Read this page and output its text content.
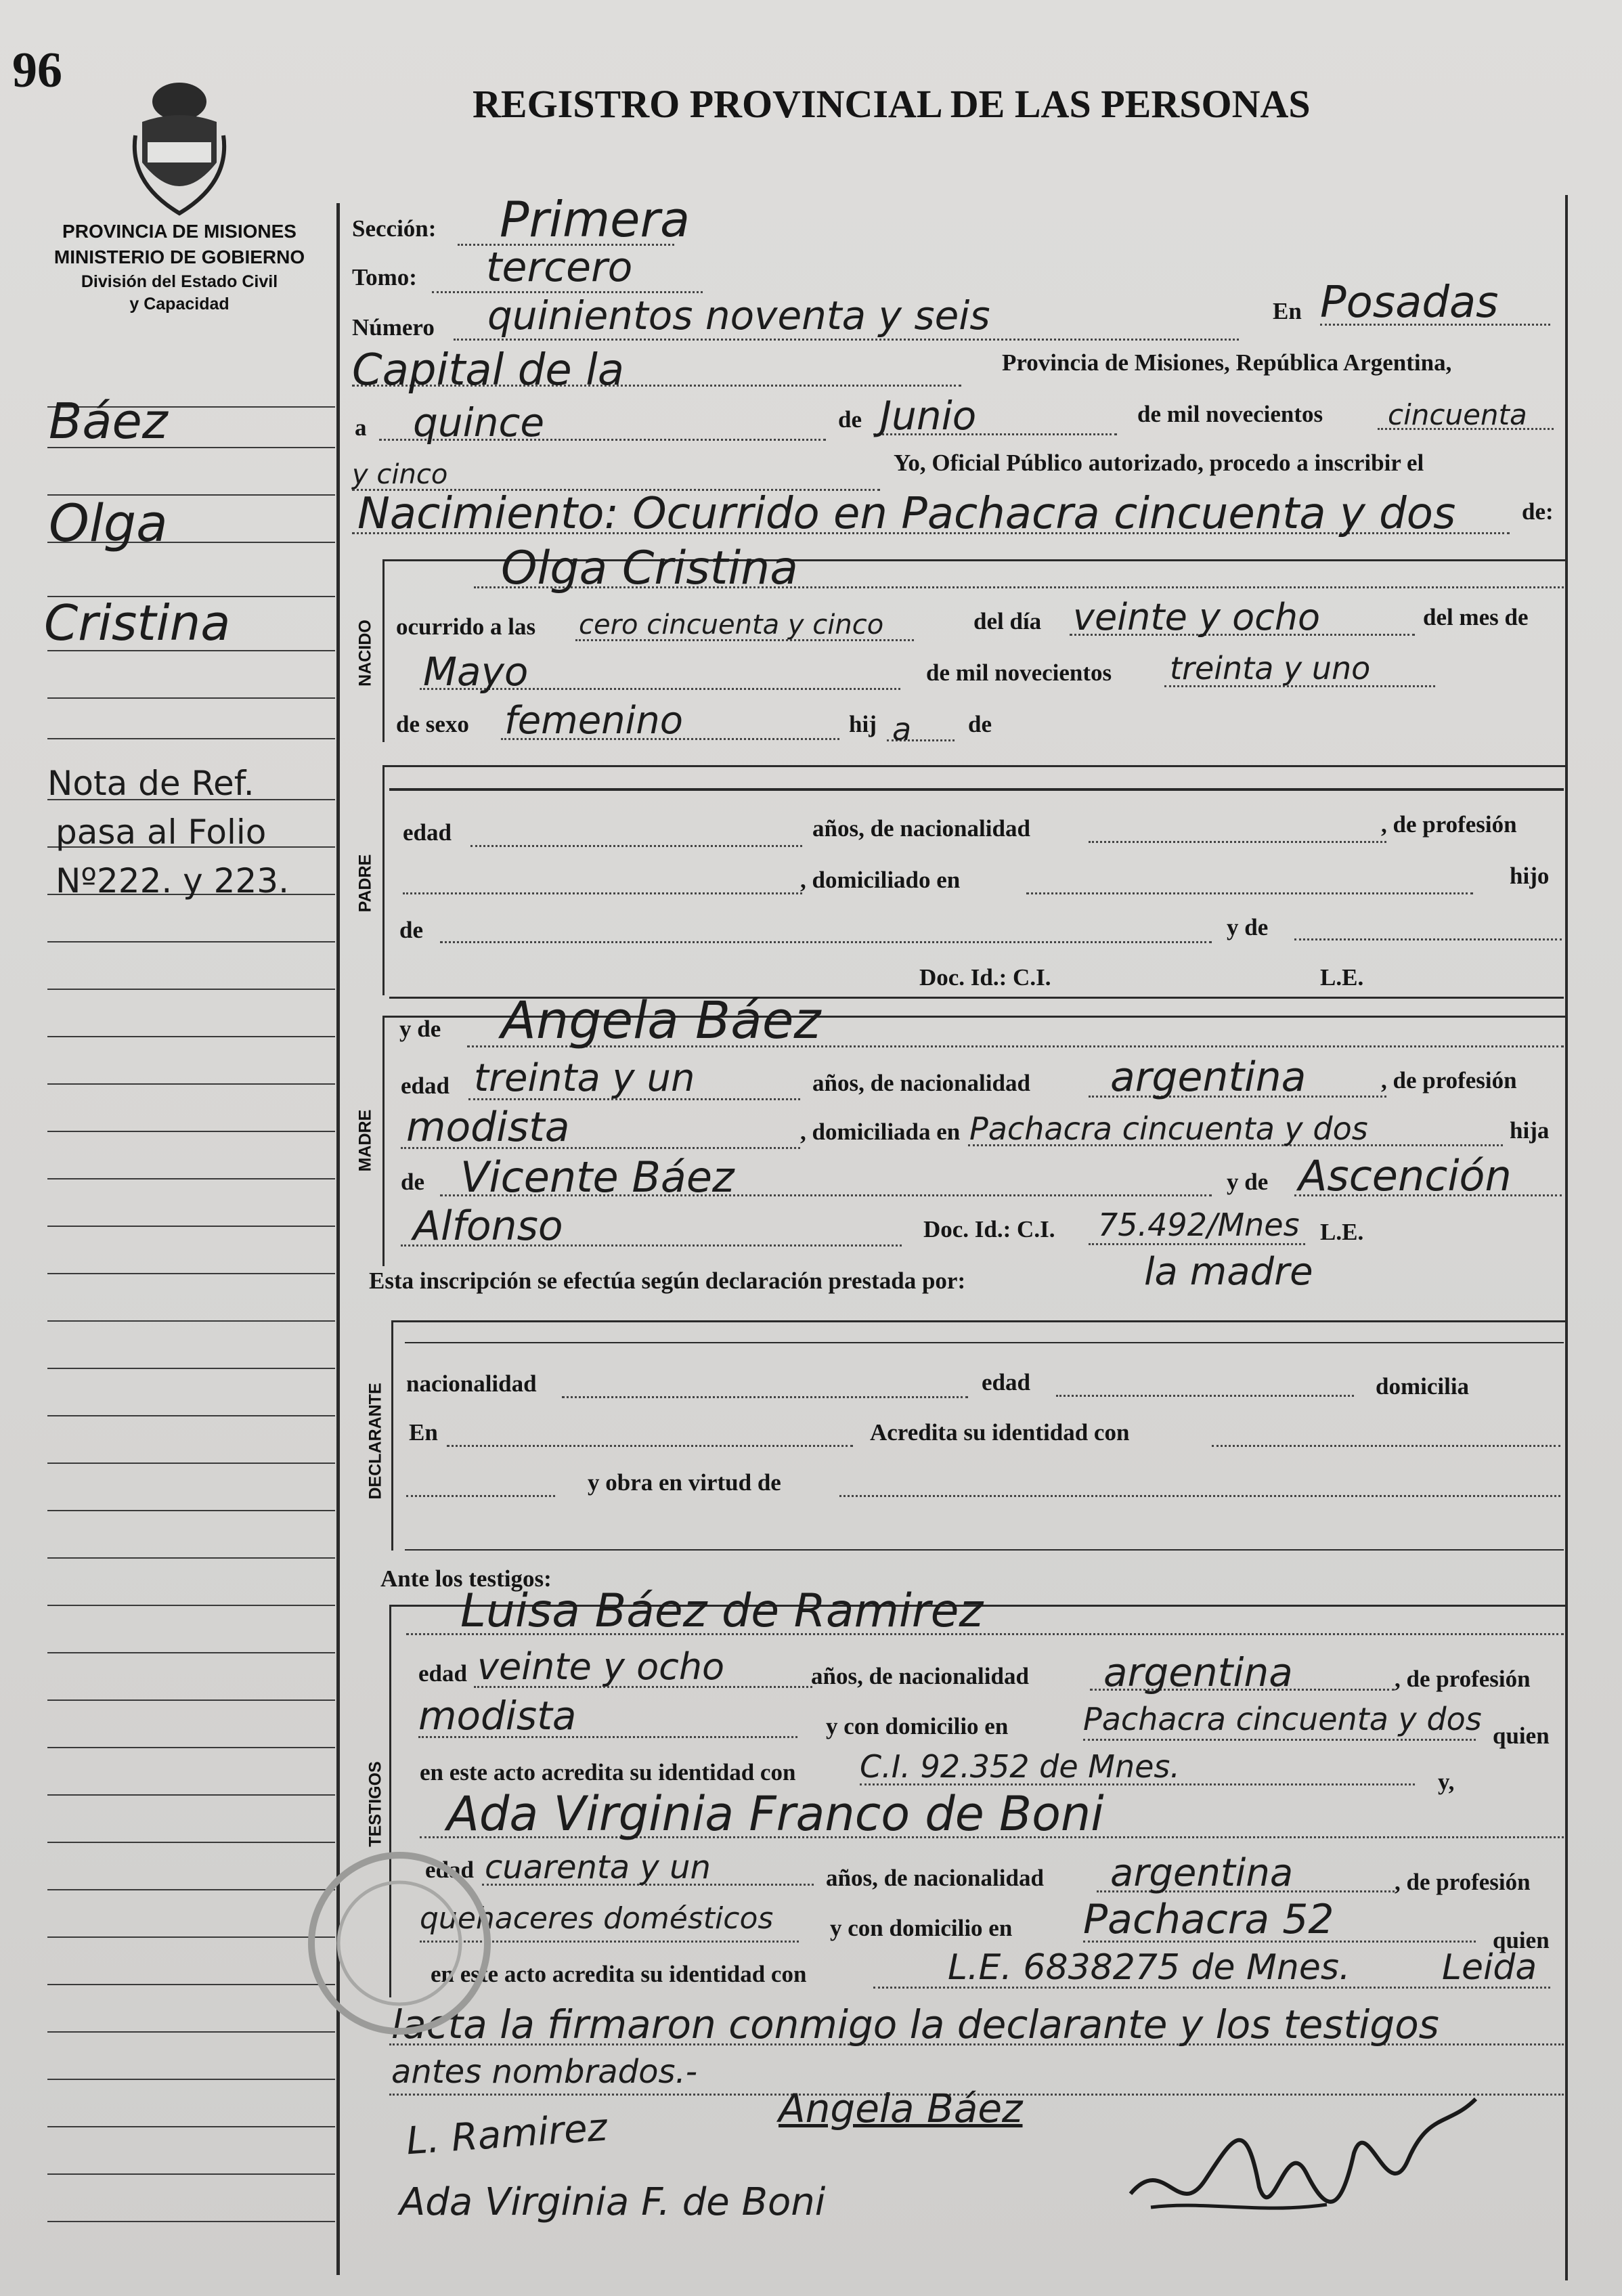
96
REGISTRO PROVINCIAL DE LAS PERSONAS
PROVINCIA DE MISIONES
MINISTERIO DE GOBIERNO
División del Estado Civil
y Capacidad
Báez
Olga
Cristina
Nota de Ref.
pasa al Folio
Nº222. y 223.
Sección: Primera
Tomo: tercero
Número quinientos noventa y seis	En Posadas
Capital de la	Provincia de Misiones, República Argentina,
a quince	de Junio	de mil novecientos cincuenta
y cinco	Yo, Oficial Público autorizado, procedo a inscribir el
Nacimiento: Ocurrido en Pachacra cincuenta y dos	de:
NACIDO
Olga Cristina
ocurrido a las cero cincuenta y cinco	del día veinte y ocho	del mes de
Mayo	de mil novecientos treinta y uno
de sexo femenino	hij a de
PADRE
edad	años, de nacionalidad	, de profesión
, domiciliado en	hijo
de	y de
Doc. Id.: C.I.	L.E.
MADRE
y de Angela Báez
edad treinta y un	años, de nacionalidad argentina	, de profesión
modista	, domiciliada en Pachacra cincuenta y dos	hija
de Vicente Báez	y de Ascención
Alfonso	Doc. Id.: C.I. 75.492/Mnes L.E.
Esta inscripción se efectúa según declaración prestada por:	la madre
DECLARANTE nacionalidad	edad	domicilia
En	Acredita su identidad con
y obra en virtud de
Ante los testigos:
TESTIGOS
Luisa Báez de Ramirez
edad veinte y ocho	años, de nacionalidad argentina	, de profesión
modista	y con domicilio en Pachacra cincuenta y dos quien
en este acto acredita su identidad con C.I. 92.352 de Mnes.	y,
Ada Virginia Franco de Boni
edad cuarenta y un	años, de nacionalidad argentina	, de profesión
quehaceres domésticos y con domicilio en Pachacra 52	quien
en este acto acredita su identidad con	L.E. 6838275 de Mnes.	Leida
lacta la firmaron conmigo la declarante y los testigos
antes nombrados.-
L. Ramirez	Angela Báez
Ada Virginia F. de Boni
